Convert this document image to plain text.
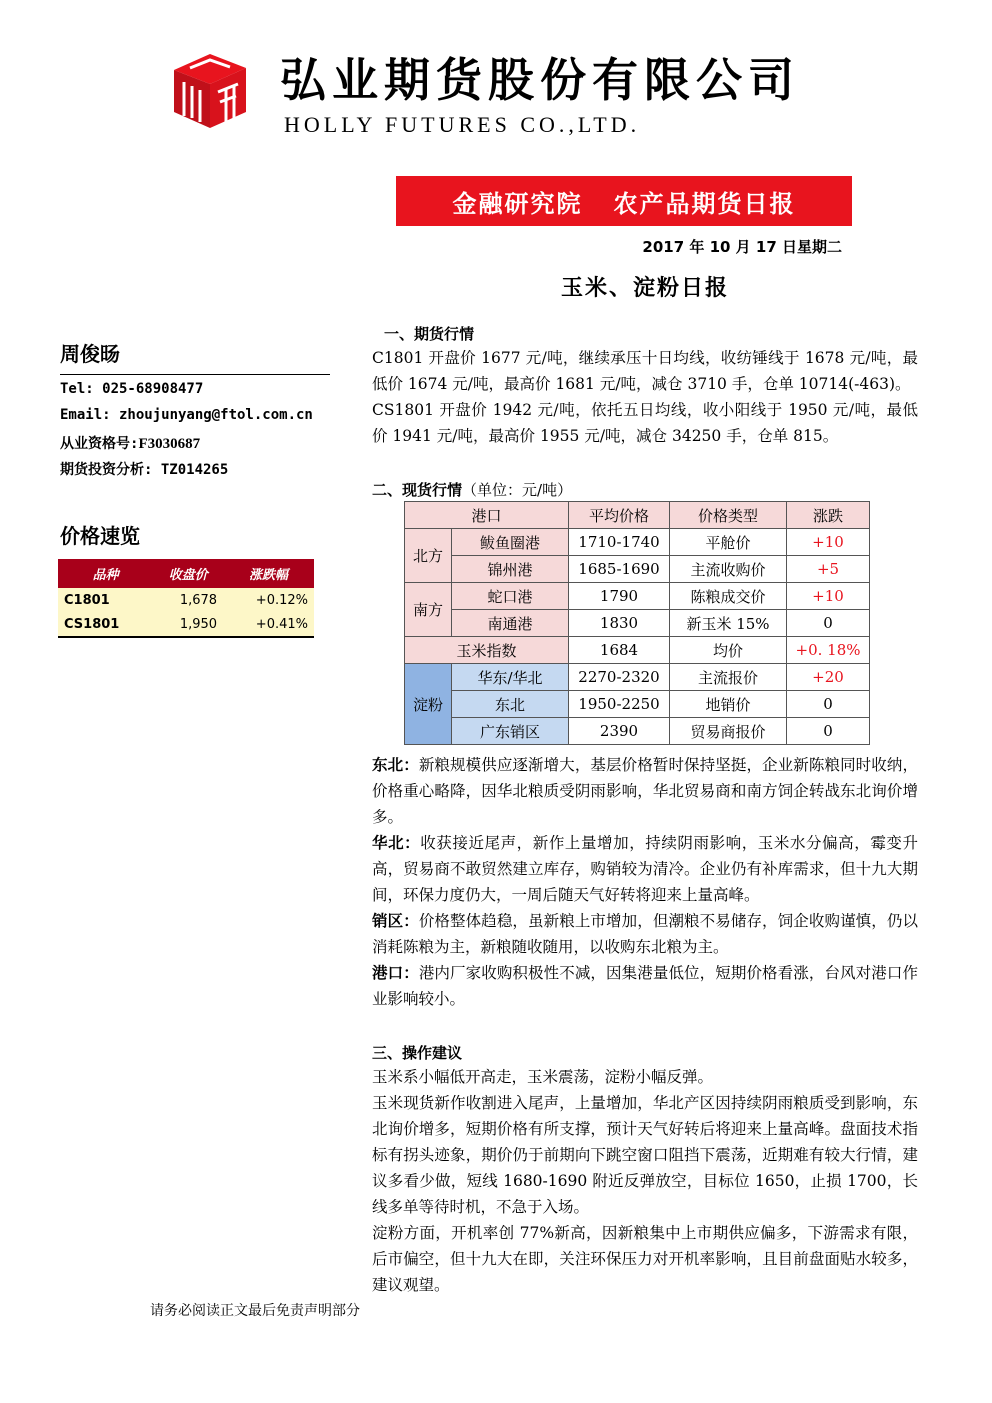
弘业期货股份有限公司
HOLLY FUTURES CO.,LTD.
金融研究院   农产品期货日报
2017 年 10 月 17 日星期二
玉米、淀粉日报
周俊旸
Tel: 025-68908477
Email: zhoujunyang@ftol.com.cn
从业资格号:F3030687
期货投资分析: TZ014265
价格速览
品种	收盘价	涨跌幅
C1801	1,678	+0.12%
CS1801	1,950	+0.41%
一、期货行情
C1801 开盘价 1677 元/吨，继续承压十日均线，收纺锤线于 1678 元/吨，最低价 1674 元/吨，最高价 1681 元/吨，减仓 3710 手，仓单 10714(-463)。
CS1801 开盘价 1942 元/吨，依托五日均线，收小阳线于 1950 元/吨，最低价 1941 元/吨，最高价 1955 元/吨，减仓 34250 手，仓单 815。
二、现货行情（单位：元/吨）
港口		平均价格	价格类型	涨跌
北方	鲅鱼圈港	1710-1740	平舱价	+10
	锦州港	1685-1690	主流收购价	+5
南方	蛇口港	1790	陈粮成交价	+10
	南通港	1830	新玉米 15%	0
玉米指数		1684	均价	+0. 18%
淀粉	华东/华北	2270-2320	主流报价	+20
	东北	1950-2250	地销价	0
	广东销区	2390	贸易商报价	0
东北：新粮规模供应逐渐增大，基层价格暂时保持坚挺，企业新陈粮同时收纳，价格重心略降，因华北粮质受阴雨影响，华北贸易商和南方饲企转战东北询价增多。
华北：收获接近尾声，新作上量增加，持续阴雨影响，玉米水分偏高，霉变升高，贸易商不敢贸然建立库存，购销较为清冷。企业仍有补库需求，但十九大期间，环保力度仍大，一周后随天气好转将迎来上量高峰。
销区：价格整体趋稳，虽新粮上市增加，但潮粮不易储存，饲企收购谨慎，仍以消耗陈粮为主，新粮随收随用，以收购东北粮为主。
港口：港内厂家收购积极性不减，因集港量低位，短期价格看涨，台风对港口作业影响较小。
三、操作建议
玉米系小幅低开高走，玉米震荡，淀粉小幅反弹。
玉米现货新作收割进入尾声，上量增加，华北产区因持续阴雨粮质受到影响，东北询价增多，短期价格有所支撑，预计天气好转后将迎来上量高峰。盘面技术指标有拐头迹象，期价仍于前期向下跳空窗口阻挡下震荡，近期难有较大行情，建议多看少做，短线 1680-1690 附近反弹放空，目标位 1650，止损 1700，长线多单等待时机，不急于入场。
淀粉方面，开机率创 77%新高，因新粮集中上市期供应偏多，下游需求有限，后市偏空，但十九大在即，关注环保压力对开机率影响，且目前盘面贴水较多，建议观望。
请务必阅读正文最后免责声明部分
